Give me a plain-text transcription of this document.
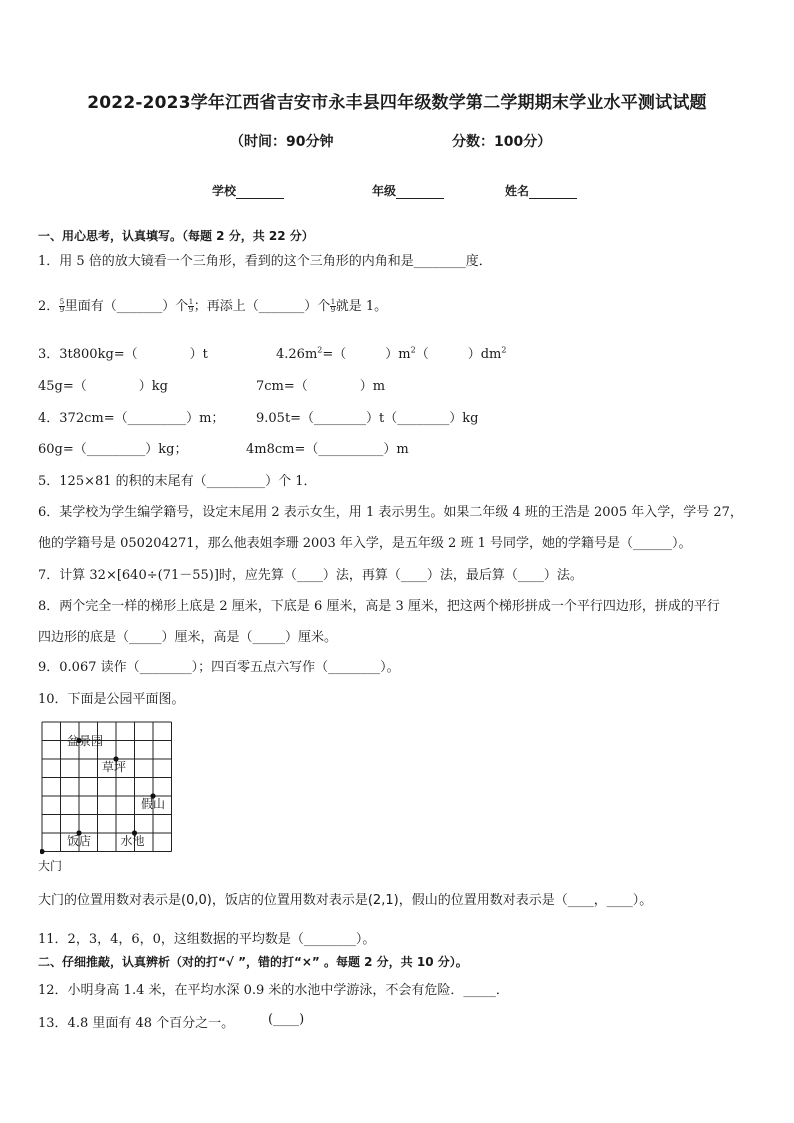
2022-2023学年江西省吉安市永丰县四年级数学第二学期期末学业水平测试试题
（时间：90分钟	分数：100分）
学校	年级	姓名
一、用心思考，认真填写。（每题 2 分，共 22 分）
1．用 5 倍的放大镜看一个三角形，看到的这个三角形的内角和是________度．
2． $\frac{5}{9}$ 里面有（_______）个 $\frac{1}{9}$ ；再添上（_______）个 $\frac{1}{9}$ 就是 1。
3．3t800kg=（　　　　）t	$4.26m^2=$（　　　）$m^2$（　　　）$dm^2$
45g=（　　　　）kg	7cm=（　　　　）m
4．372cm=（_________）m； 9.05t=（________）t（________）kg
60g=（_________）kg；	4m8cm=（__________）m
5．125×81 的积的末尾有（_________）个 1．
6．某学校为学生编学籍号，设定末尾用 2 表示女生，用 1 表示男生。如果二年级 4 班的王浩是 2005 年入学，学号 27，
他的学籍号是 050204271，那么他表姐李珊 2003 年入学，是五年级 2 班 1 号同学，她的学籍号是（______）。
7．计算 32×[640÷(71－55)]时，应先算（____）法，再算（____）法，最后算（____）法。
8．两个完全一样的梯形上底是 2 厘米，下底是 6 厘米，高是 3 厘米，把这两个梯形拼成一个平行四边形，拼成的平行
四边形的底是（_____）厘米，高是（_____）厘米。
9．0.067 读作（________）；四百零五点六写作（________）。
10．下面是公园平面图。
盆景园
草坪
假山
饭店 水池
大门
大门的位置用数对表示是(0,0)，饭店的位置用数对表示是(2,1)，假山的位置用数对表示是（____，____）。
11．2，3，4，6，0，这组数据的平均数是（________）。
二、仔细推敲，认真辨析（对的打“√ ”，错的打“×” 。每题 2 分，共 10 分）。
12．小明身高 1.4 米，在平均水深 0.9 米的水池中学游泳，不会有危险．_____．
13．4.8 里面有 48 个百分之一。	(____)
